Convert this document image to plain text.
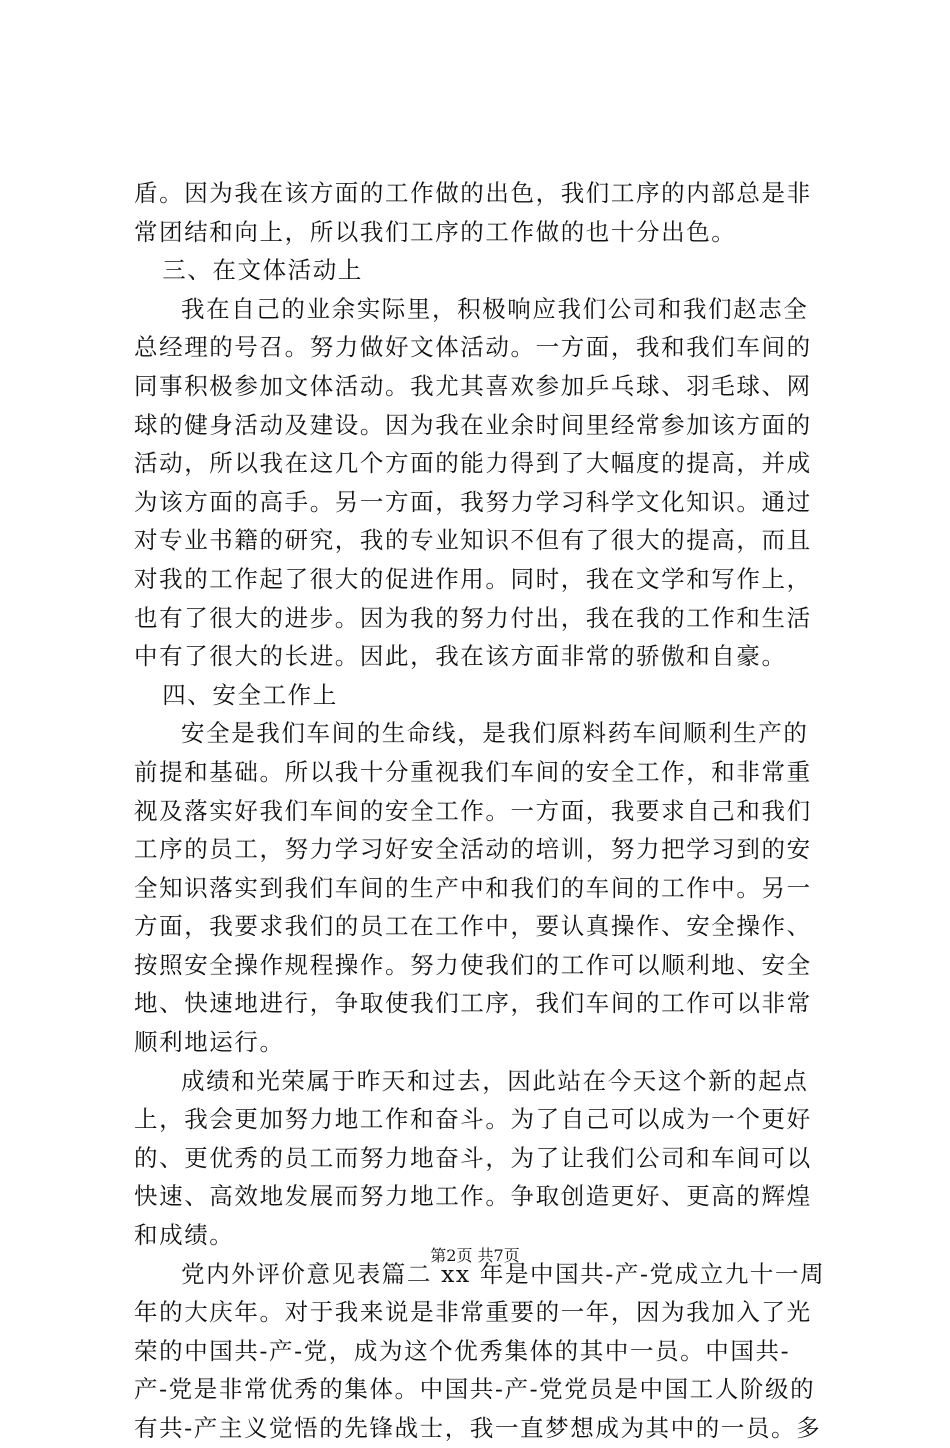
盾。因为我在该方面的工作做的出色，我们工序的内部总是非
常团结和向上，所以我们工序的工作做的也十分出色。

三、在文体活动上

我在自己的业余实际里，积极响应我们公司和我们赵志全
总经理的号召。努力做好文体活动。一方面，我和我们车间的
同事积极参加文体活动。我尤其喜欢参加乒乓球、羽毛球、网
球的健身活动及建设。因为我在业余时间里经常参加该方面的
活动，所以我在这几个方面的能力得到了大幅度的提高，并成
为该方面的高手。另一方面，我努力学习科学文化知识。通过
对专业书籍的研究，我的专业知识不但有了很大的提高，而且
对我的工作起了很大的促进作用。同时，我在文学和写作上，
也有了很大的进步。因为我的努力付出，我在我的工作和生活
中有了很大的长进。因此，我在该方面非常的骄傲和自豪。

四、安全工作上

安全是我们车间的生命线，是我们原料药车间顺利生产的
前提和基础。所以我十分重视我们车间的安全工作，和非常重
视及落实好我们车间的安全工作。一方面，我要求自己和我们
工序的员工，努力学习好安全活动的培训，努力把学习到的安
全知识落实到我们车间的生产中和我们的车间的工作中。另一
方面，我要求我们的员工在工作中，要认真操作、安全操作、
按照安全操作规程操作。努力使我们的工作可以顺利地、安全
地、快速地进行，争取使我们工序，我们车间的工作可以非常
顺利地运行。

成绩和光荣属于昨天和过去，因此站在今天这个新的起点
上，我会更加努力地工作和奋斗。为了自己可以成为一个更好
的、更优秀的员工而努力地奋斗，为了让我们公司和车间可以
快速、高效地发展而努力地工作。争取创造更好、更高的辉煌
和成绩。

党内外评价意见表篇二 xx 年是中国共-产-党成立九十一周
年的大庆年。对于我来说是非常重要的一年，因为我加入了光
荣的中国共-产-党，成为这个优秀集体的其中一员。中国共-
产-党是非常优秀的集体。中国共-产-党党员是中国工人阶级的
有共-产主义觉悟的先锋战士，我一直梦想成为其中的一员。多

第2页 共7页
